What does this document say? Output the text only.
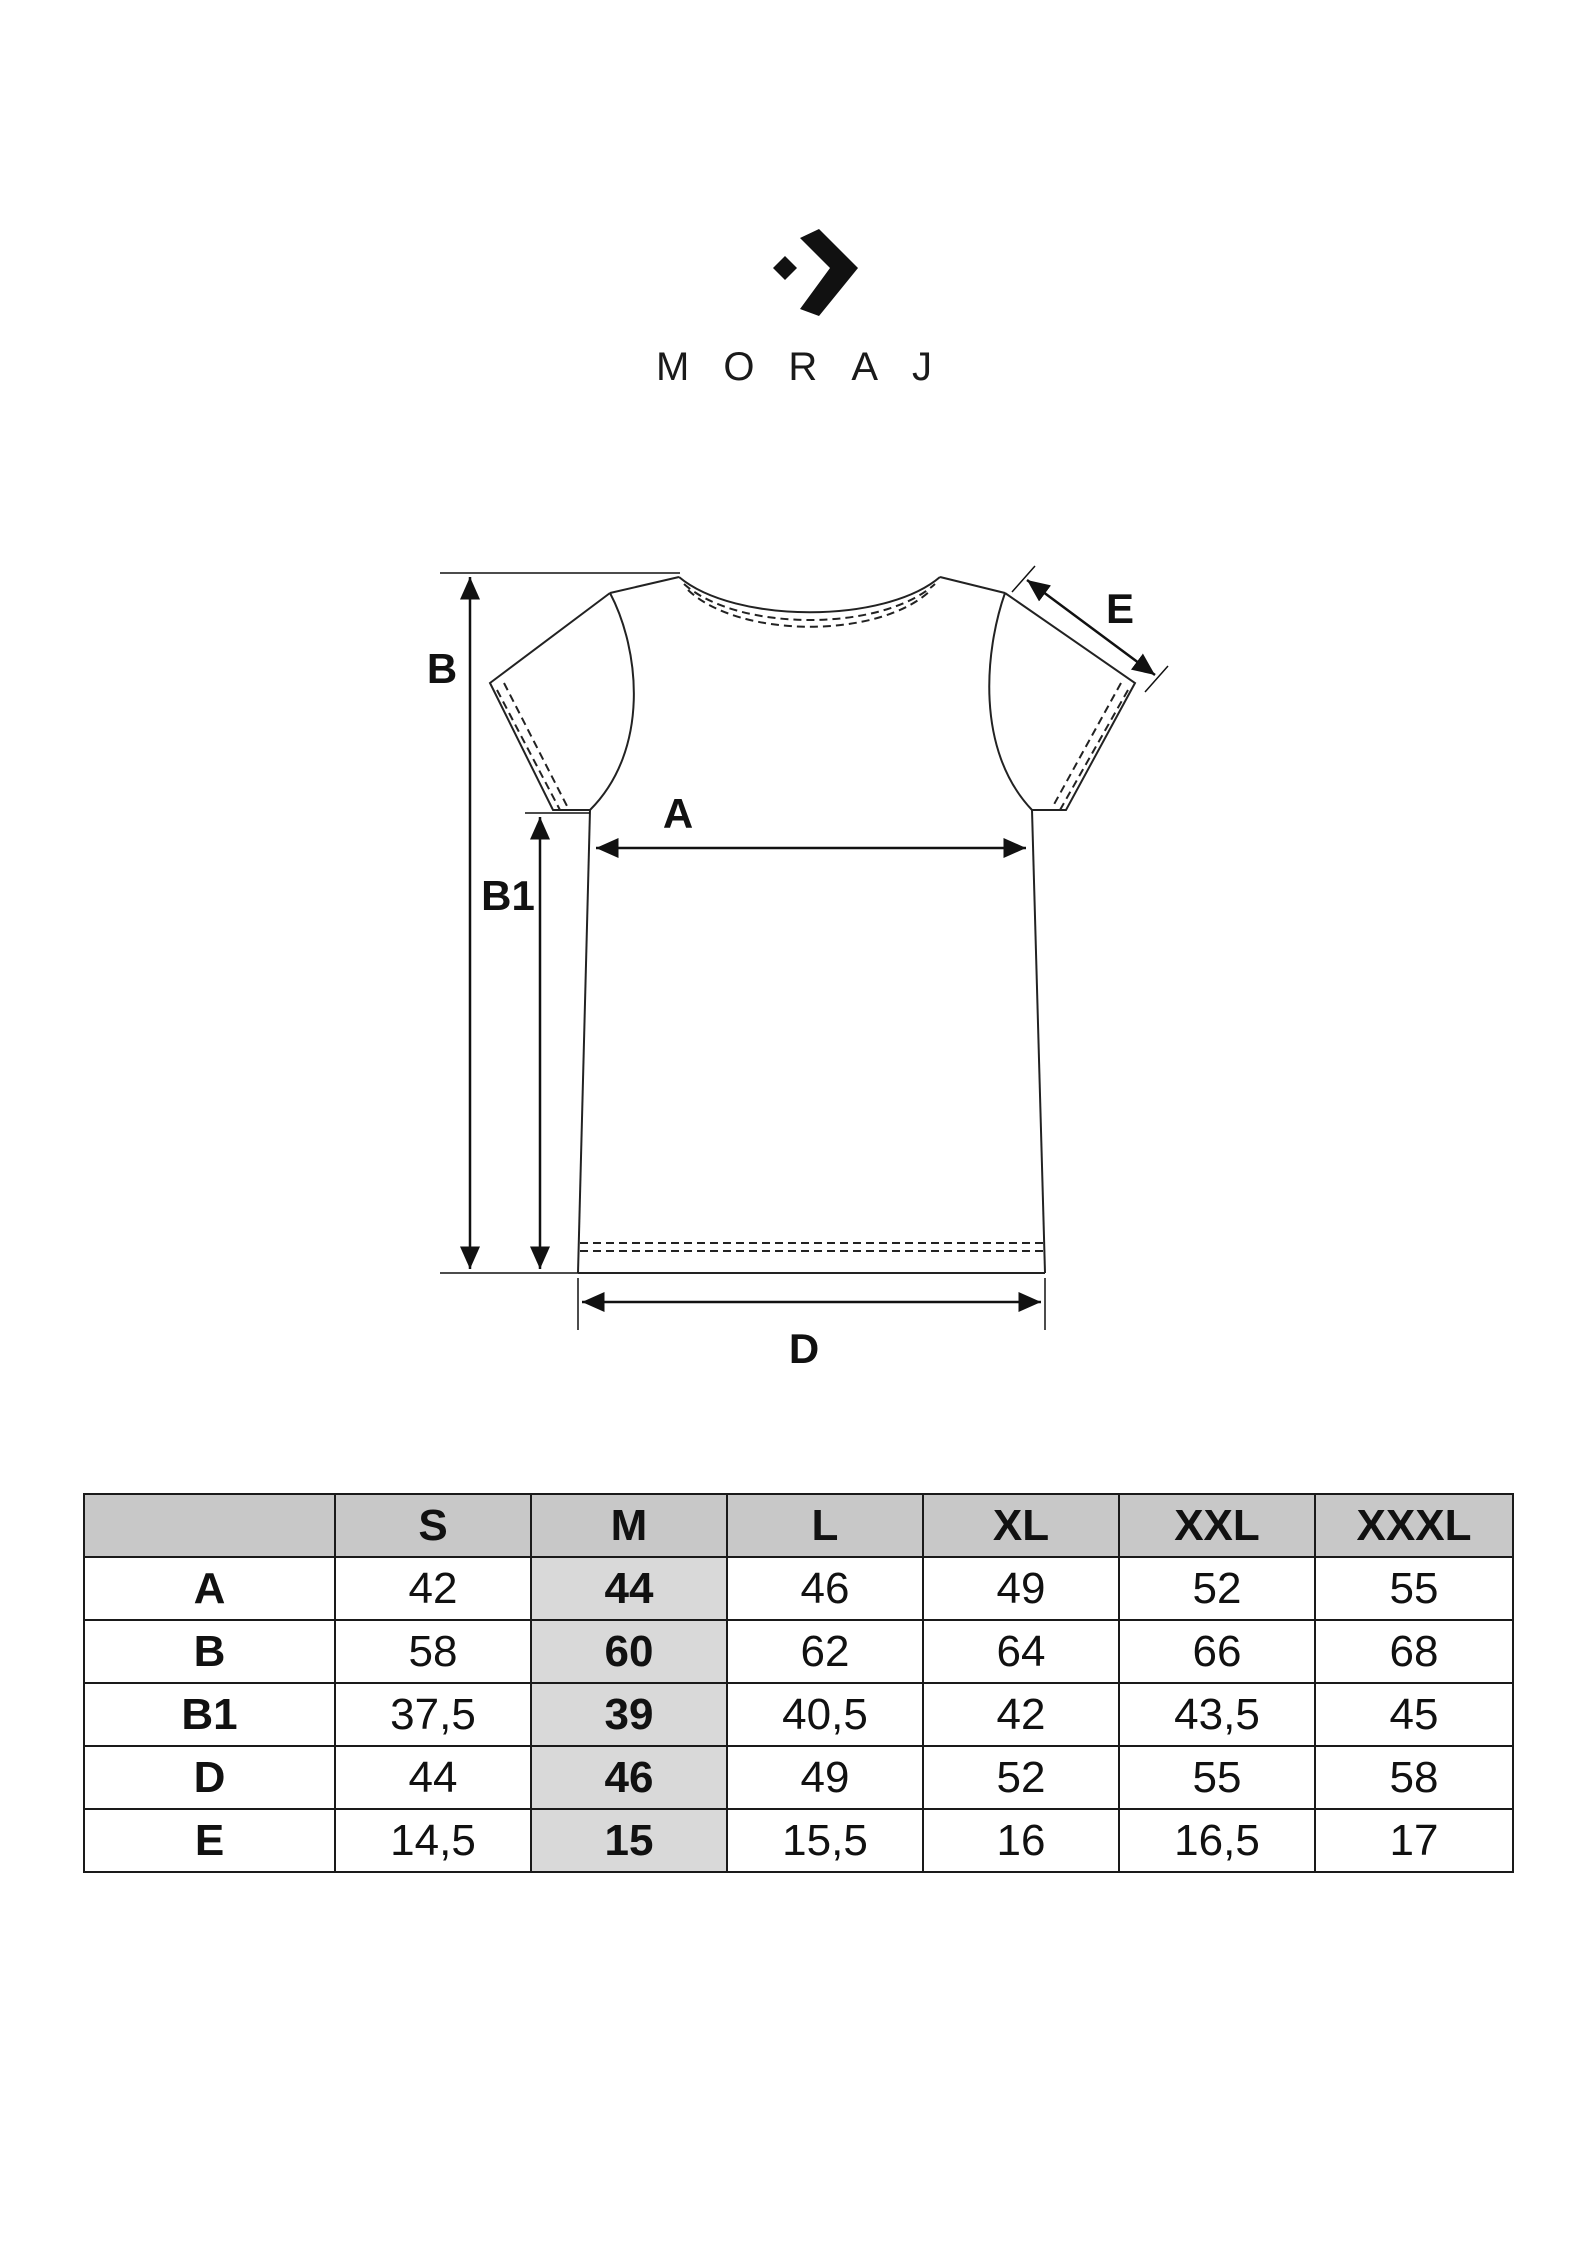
MORAJ
B
B1
A
D
E
	S	M	L	XL	XXL	XXXL
A	42	44	46	49	52	55
B	58	60	62	64	66	68
B1	37,5	39	40,5	42	43,5	45
D	44	46	49	52	55	58
E	14,5	15	15,5	16	16,5	17
